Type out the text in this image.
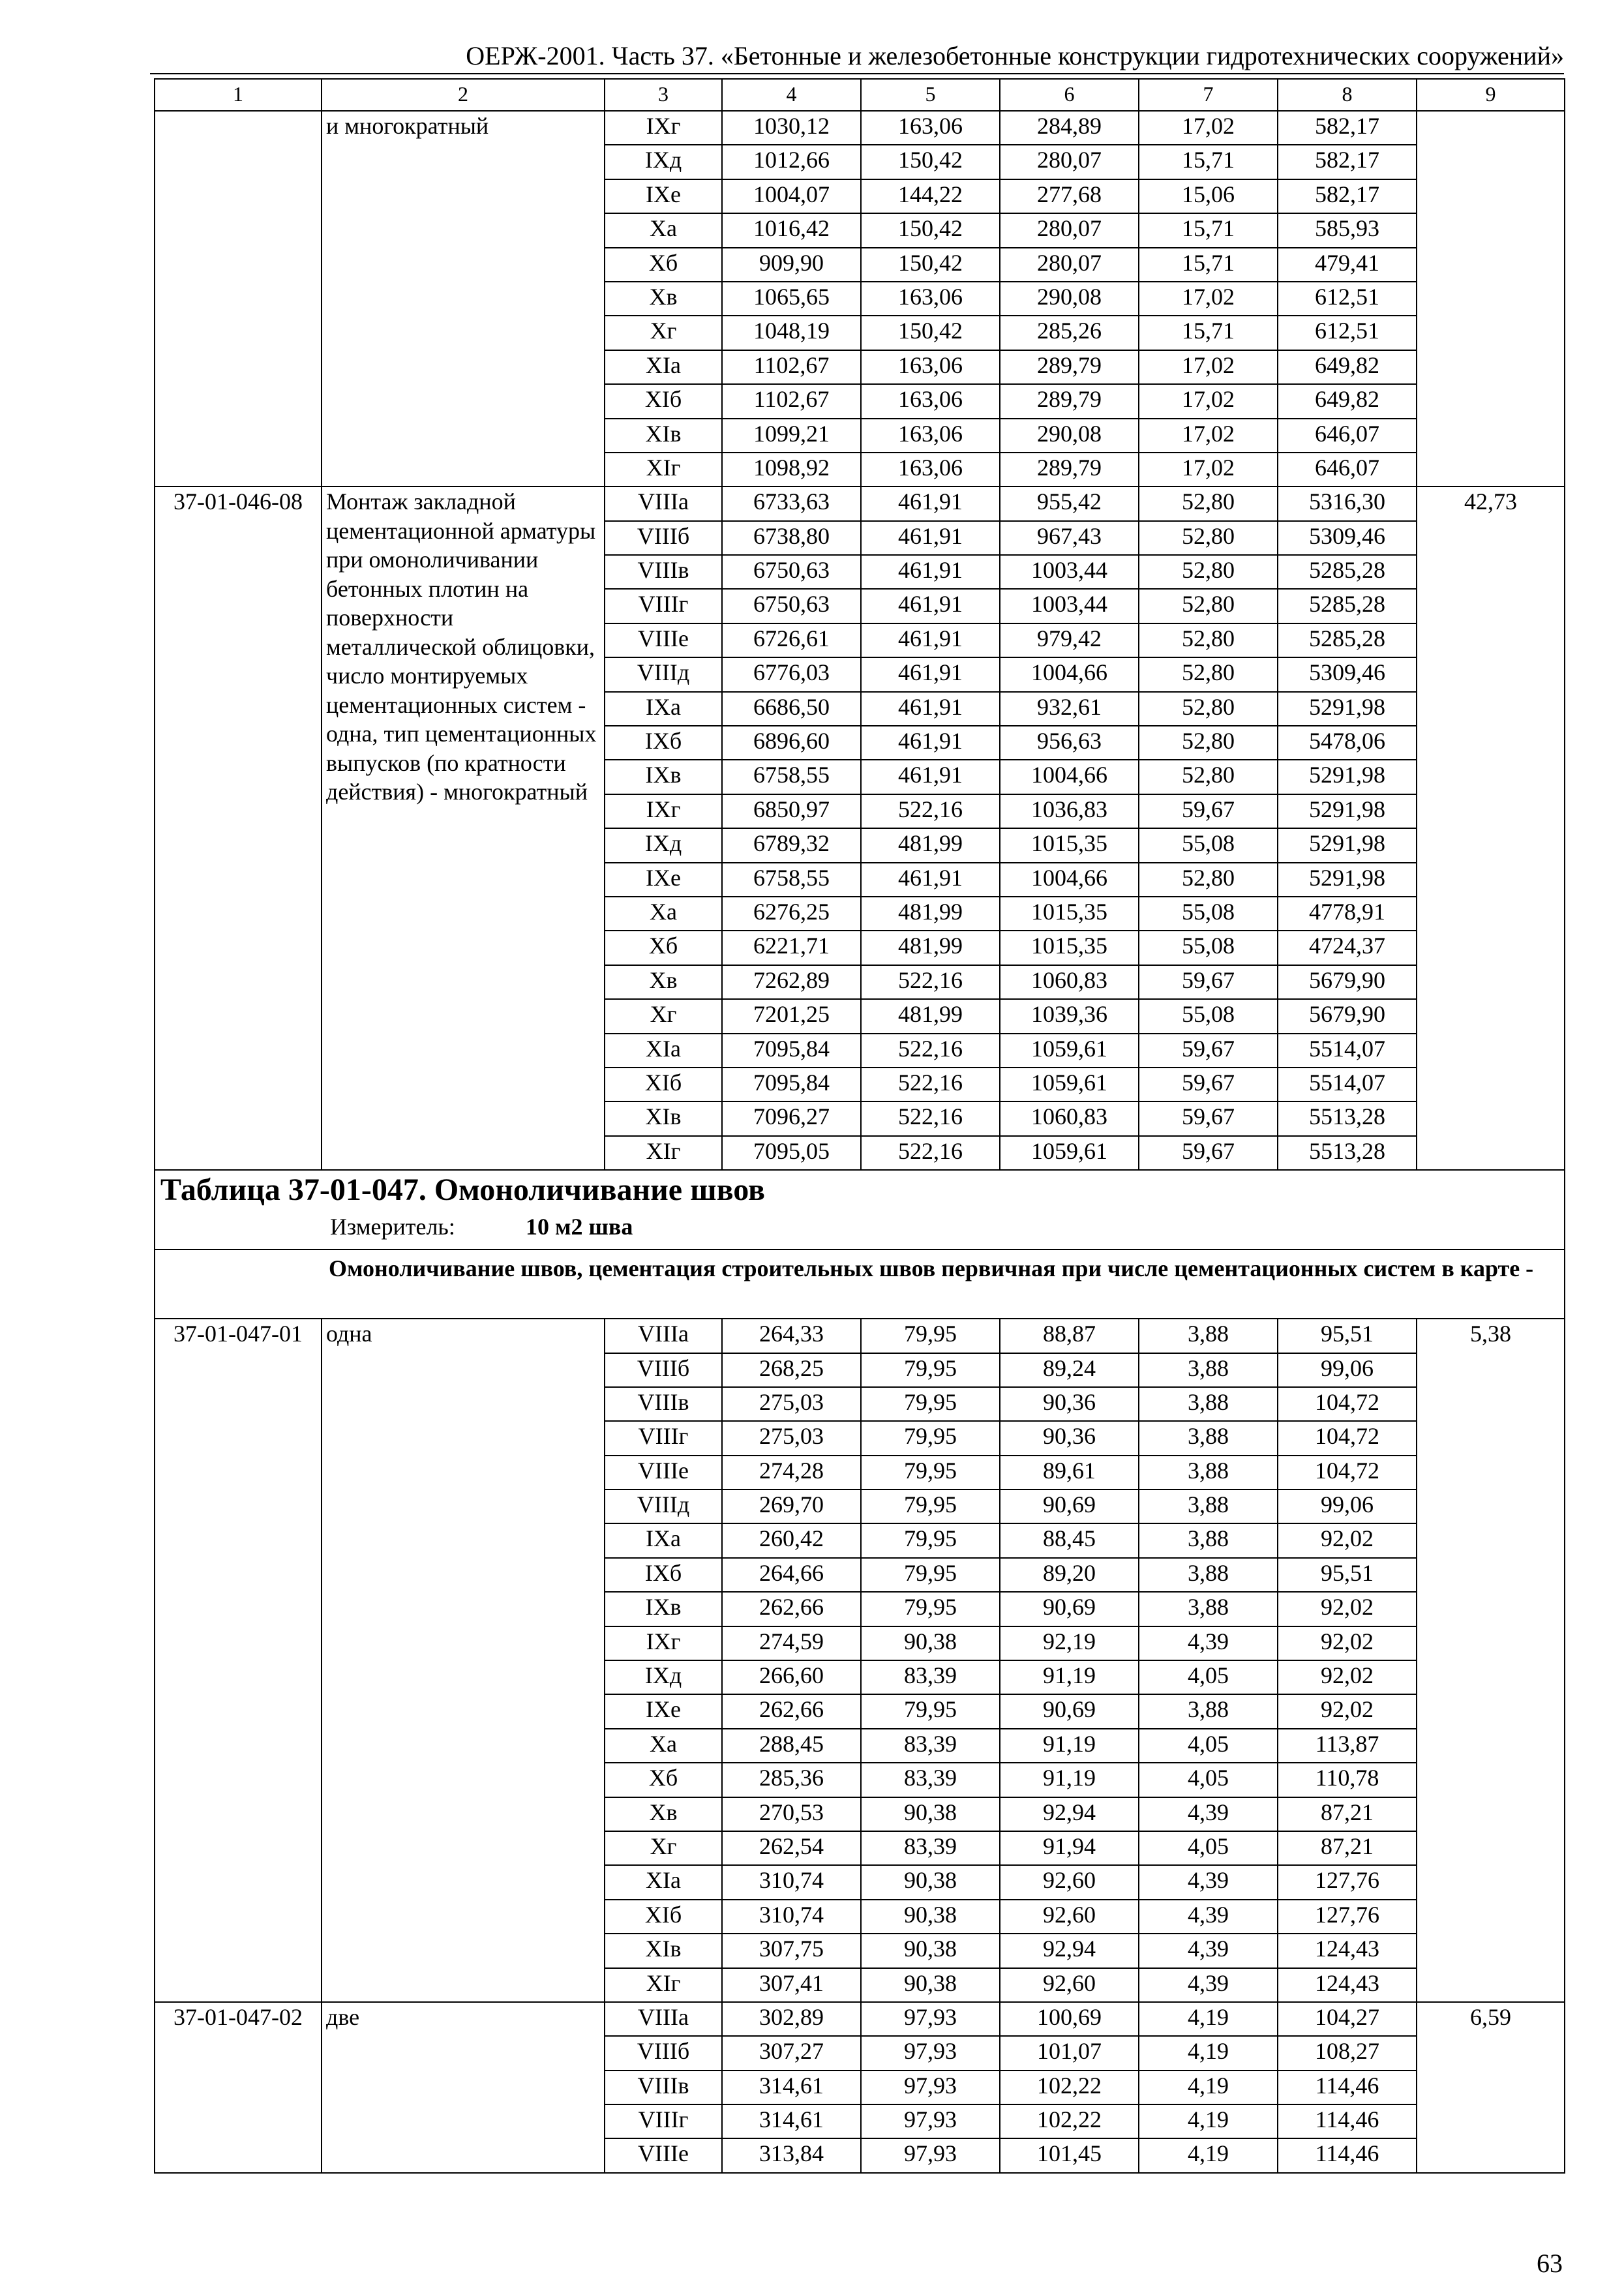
ОЕРЖ-2001. Часть 37. «Бетонные и железобетонные конструкции гидротехнических сооружений»
1	2	3	4	5	6	7	8	9
	и многократный	IXг	1030,12	163,06	284,89	17,02	582,17	
		IXд	1012,66	150,42	280,07	15,71	582,17	
		IXе	1004,07	144,22	277,68	15,06	582,17	
		Xа	1016,42	150,42	280,07	15,71	585,93	
		Xб	909,90	150,42	280,07	15,71	479,41	
		Xв	1065,65	163,06	290,08	17,02	612,51	
		Xг	1048,19	150,42	285,26	15,71	612,51	
		XIа	1102,67	163,06	289,79	17,02	649,82	
		XIб	1102,67	163,06	289,79	17,02	649,82	
		XIв	1099,21	163,06	290,08	17,02	646,07	
		XIг	1098,92	163,06	289,79	17,02	646,07	
37-01-046-08	Монтаж закладной цементационной арматуры при омоноличивании бетонных плотин на поверхности металлической облицовки, число монтируемых цементационных систем - одна, тип цементационных выпусков (по кратности действия) - многократный	VIIIа	6733,63	461,91	955,42	52,80	5316,30	42,73
		VIIIб	6738,80	461,91	967,43	52,80	5309,46	
		VIIIв	6750,63	461,91	1003,44	52,80	5285,28	
		VIIIг	6750,63	461,91	1003,44	52,80	5285,28	
		VIIIе	6726,61	461,91	979,42	52,80	5285,28	
		VIIIд	6776,03	461,91	1004,66	52,80	5309,46	
		IXа	6686,50	461,91	932,61	52,80	5291,98	
		IXб	6896,60	461,91	956,63	52,80	5478,06	
		IXв	6758,55	461,91	1004,66	52,80	5291,98	
		IXг	6850,97	522,16	1036,83	59,67	5291,98	
		IXд	6789,32	481,99	1015,35	55,08	5291,98	
		IXе	6758,55	461,91	1004,66	52,80	5291,98	
		Xа	6276,25	481,99	1015,35	55,08	4778,91	
		Xб	6221,71	481,99	1015,35	55,08	4724,37	
		Xв	7262,89	522,16	1060,83	59,67	5679,90	
		Xг	7201,25	481,99	1039,36	55,08	5679,90	
		XIа	7095,84	522,16	1059,61	59,67	5514,07	
		XIб	7095,84	522,16	1059,61	59,67	5514,07	
		XIв	7096,27	522,16	1060,83	59,67	5513,28	
		XIг	7095,05	522,16	1059,61	59,67	5513,28	
Таблица 37-01-047. Омоноличивание швов								
Измеритель: 10 м2 шва								
Омоноличивание швов, цементация строительных швов первичная при числе цементационных систем в карте -								
37-01-047-01	одна	VIIIа	264,33	79,95	88,87	3,88	95,51	5,38
		VIIIб	268,25	79,95	89,24	3,88	99,06	
		VIIIв	275,03	79,95	90,36	3,88	104,72	
		VIIIг	275,03	79,95	90,36	3,88	104,72	
		VIIIе	274,28	79,95	89,61	3,88	104,72	
		VIIIд	269,70	79,95	90,69	3,88	99,06	
		IXа	260,42	79,95	88,45	3,88	92,02	
		IXб	264,66	79,95	89,20	3,88	95,51	
		IXв	262,66	79,95	90,69	3,88	92,02	
		IXг	274,59	90,38	92,19	4,39	92,02	
		IXд	266,60	83,39	91,19	4,05	92,02	
		IXе	262,66	79,95	90,69	3,88	92,02	
		Xа	288,45	83,39	91,19	4,05	113,87	
		Xб	285,36	83,39	91,19	4,05	110,78	
		Xв	270,53	90,38	92,94	4,39	87,21	
		Xг	262,54	83,39	91,94	4,05	87,21	
		XIа	310,74	90,38	92,60	4,39	127,76	
		XIб	310,74	90,38	92,60	4,39	127,76	
		XIв	307,75	90,38	92,94	4,39	124,43	
		XIг	307,41	90,38	92,60	4,39	124,43	
37-01-047-02	две	VIIIа	302,89	97,93	100,69	4,19	104,27	6,59
		VIIIб	307,27	97,93	101,07	4,19	108,27	
		VIIIв	314,61	97,93	102,22	4,19	114,46	
		VIIIг	314,61	97,93	102,22	4,19	114,46	
		VIIIе	313,84	97,93	101,45	4,19	114,46	
63
